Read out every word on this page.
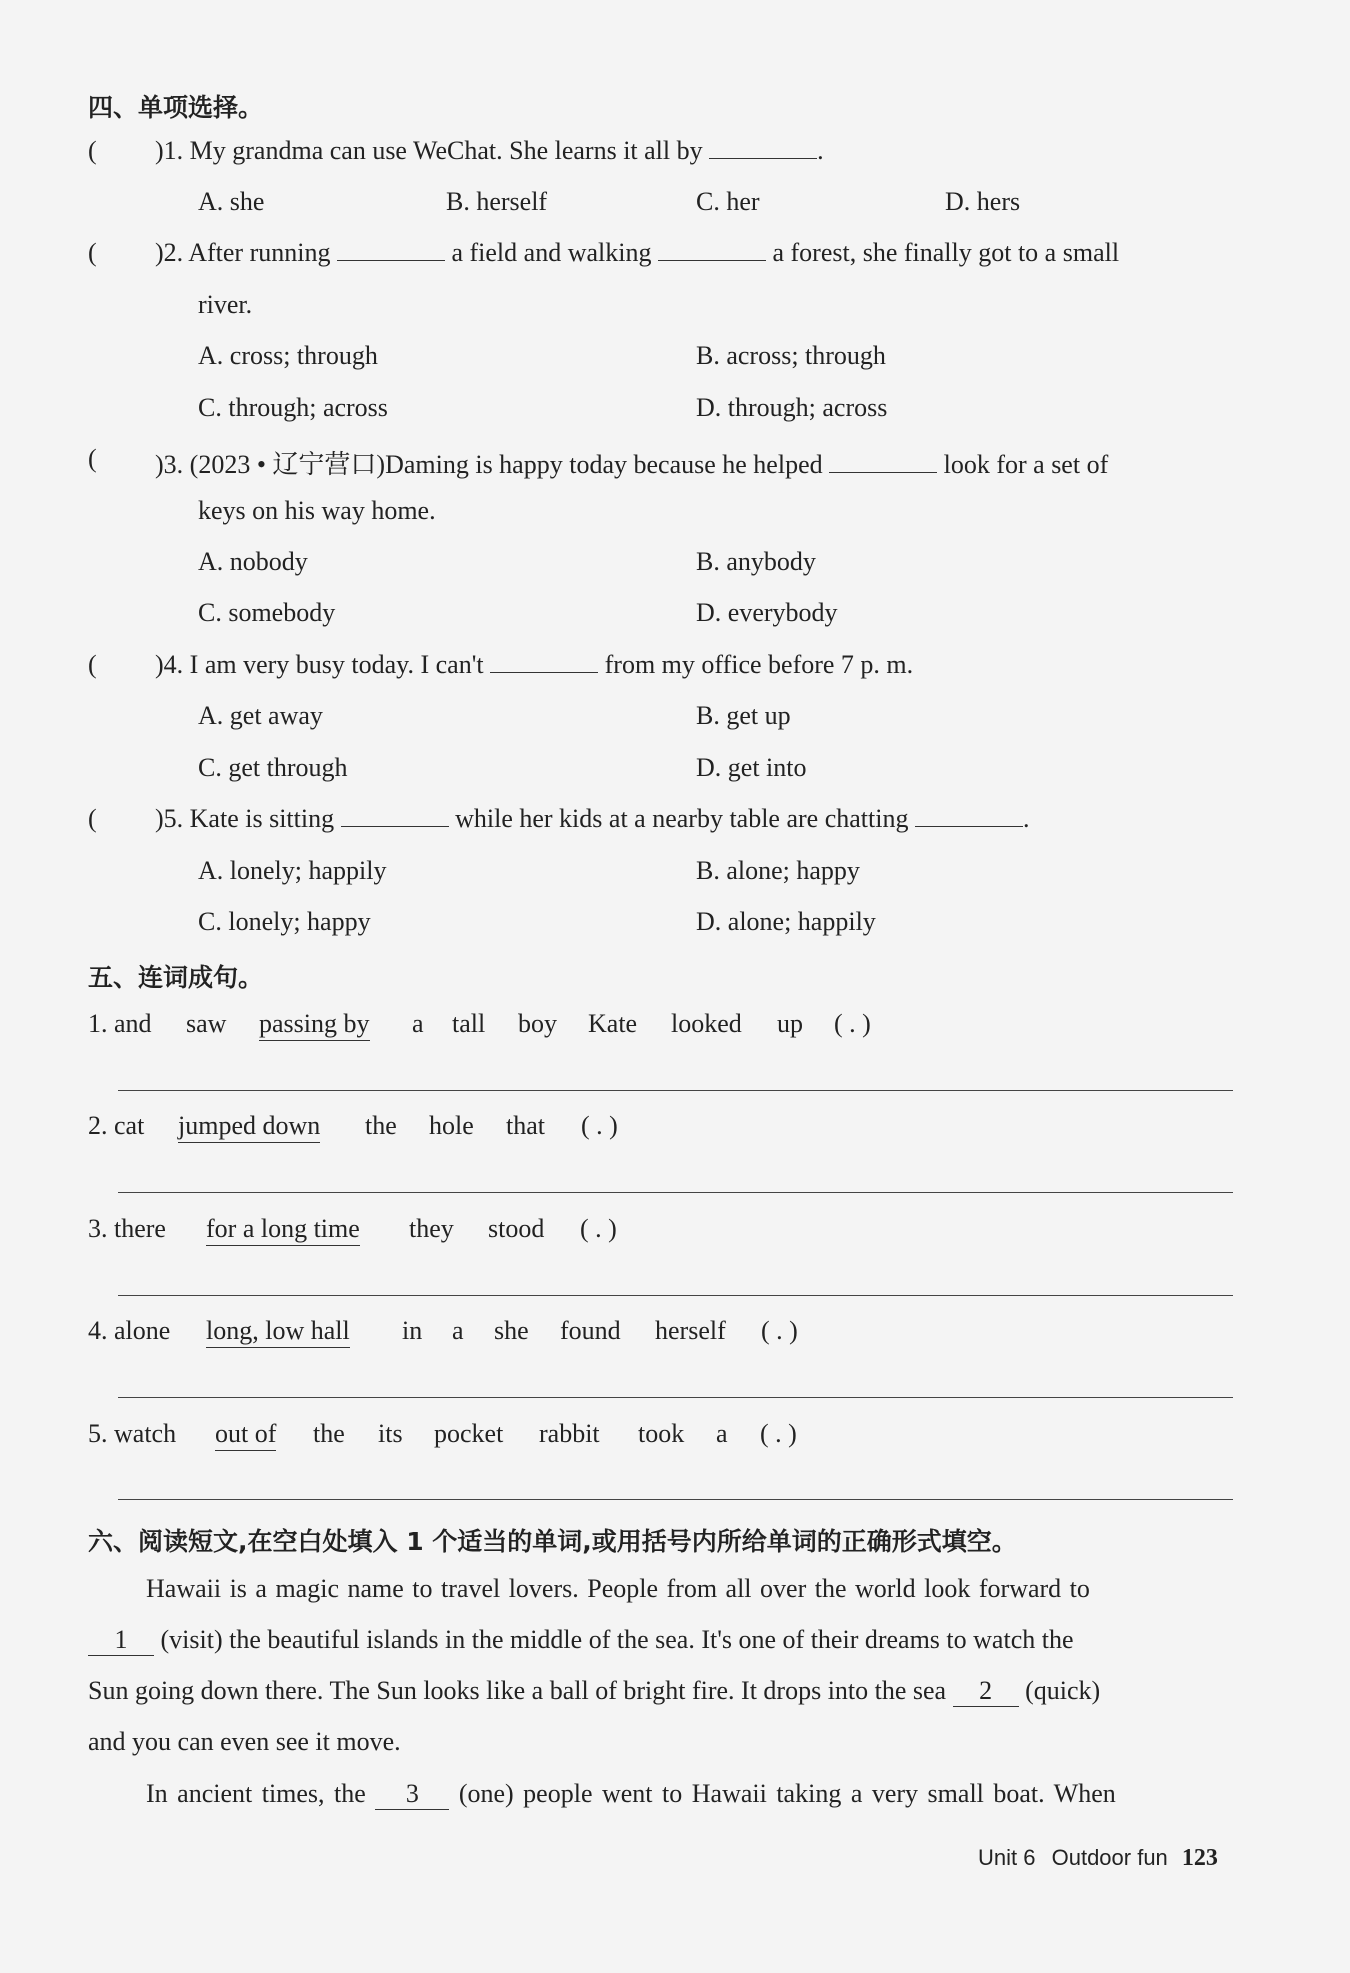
四、单项选择。
( )1. My grandma can use WeChat. She learns it all by	.
A. she	B. herself	C. her	D. hers
( )2. After running	a field and walking	a forest, she finally got to a small
river.
A. cross; through	B. across; through
C. through; across	D. through; across
( )3. (2023 • 辽宁营口)Daming is happy today because he helped	look for a set of
keys on his way home.
A. nobody	B. anybody
C. somebody	D. everybody
( )4. I am very busy today. I can't	from my office before 7 p. m.
A. get away	B. get up
C. get through	D. get into
( )5. Kate is sitting	while her kids at a nearby table are chatting	.
A. lonely; happily	B. alone; happy
C. lonely; happy	D. alone; happily
五、连词成句。
1. and saw passing by a tall boy Kate looked up ( . )
2. cat jumped down the hole that ( . )
3. there for a long time they stood ( . )
4. alone long, low hall in a she found herself ( . )
5. watch out of the its pocket rabbit took a ( . )
六、阅读短文,在空白处填入 1 个适当的单词,或用括号内所给单词的正确形式填空。
Hawaii is a magic name to travel lovers. People from all over the world look forward to
1 (visit) the beautiful islands in the middle of the sea. It's one of their dreams to watch the
Sun going down there. The Sun looks like a ball of bright fire. It drops into the sea 2 (quick)
and you can even see it move.
In ancient times, the 3 (one) people went to Hawaii taking a very small boat. When
Unit 6 Outdoor fun 123
